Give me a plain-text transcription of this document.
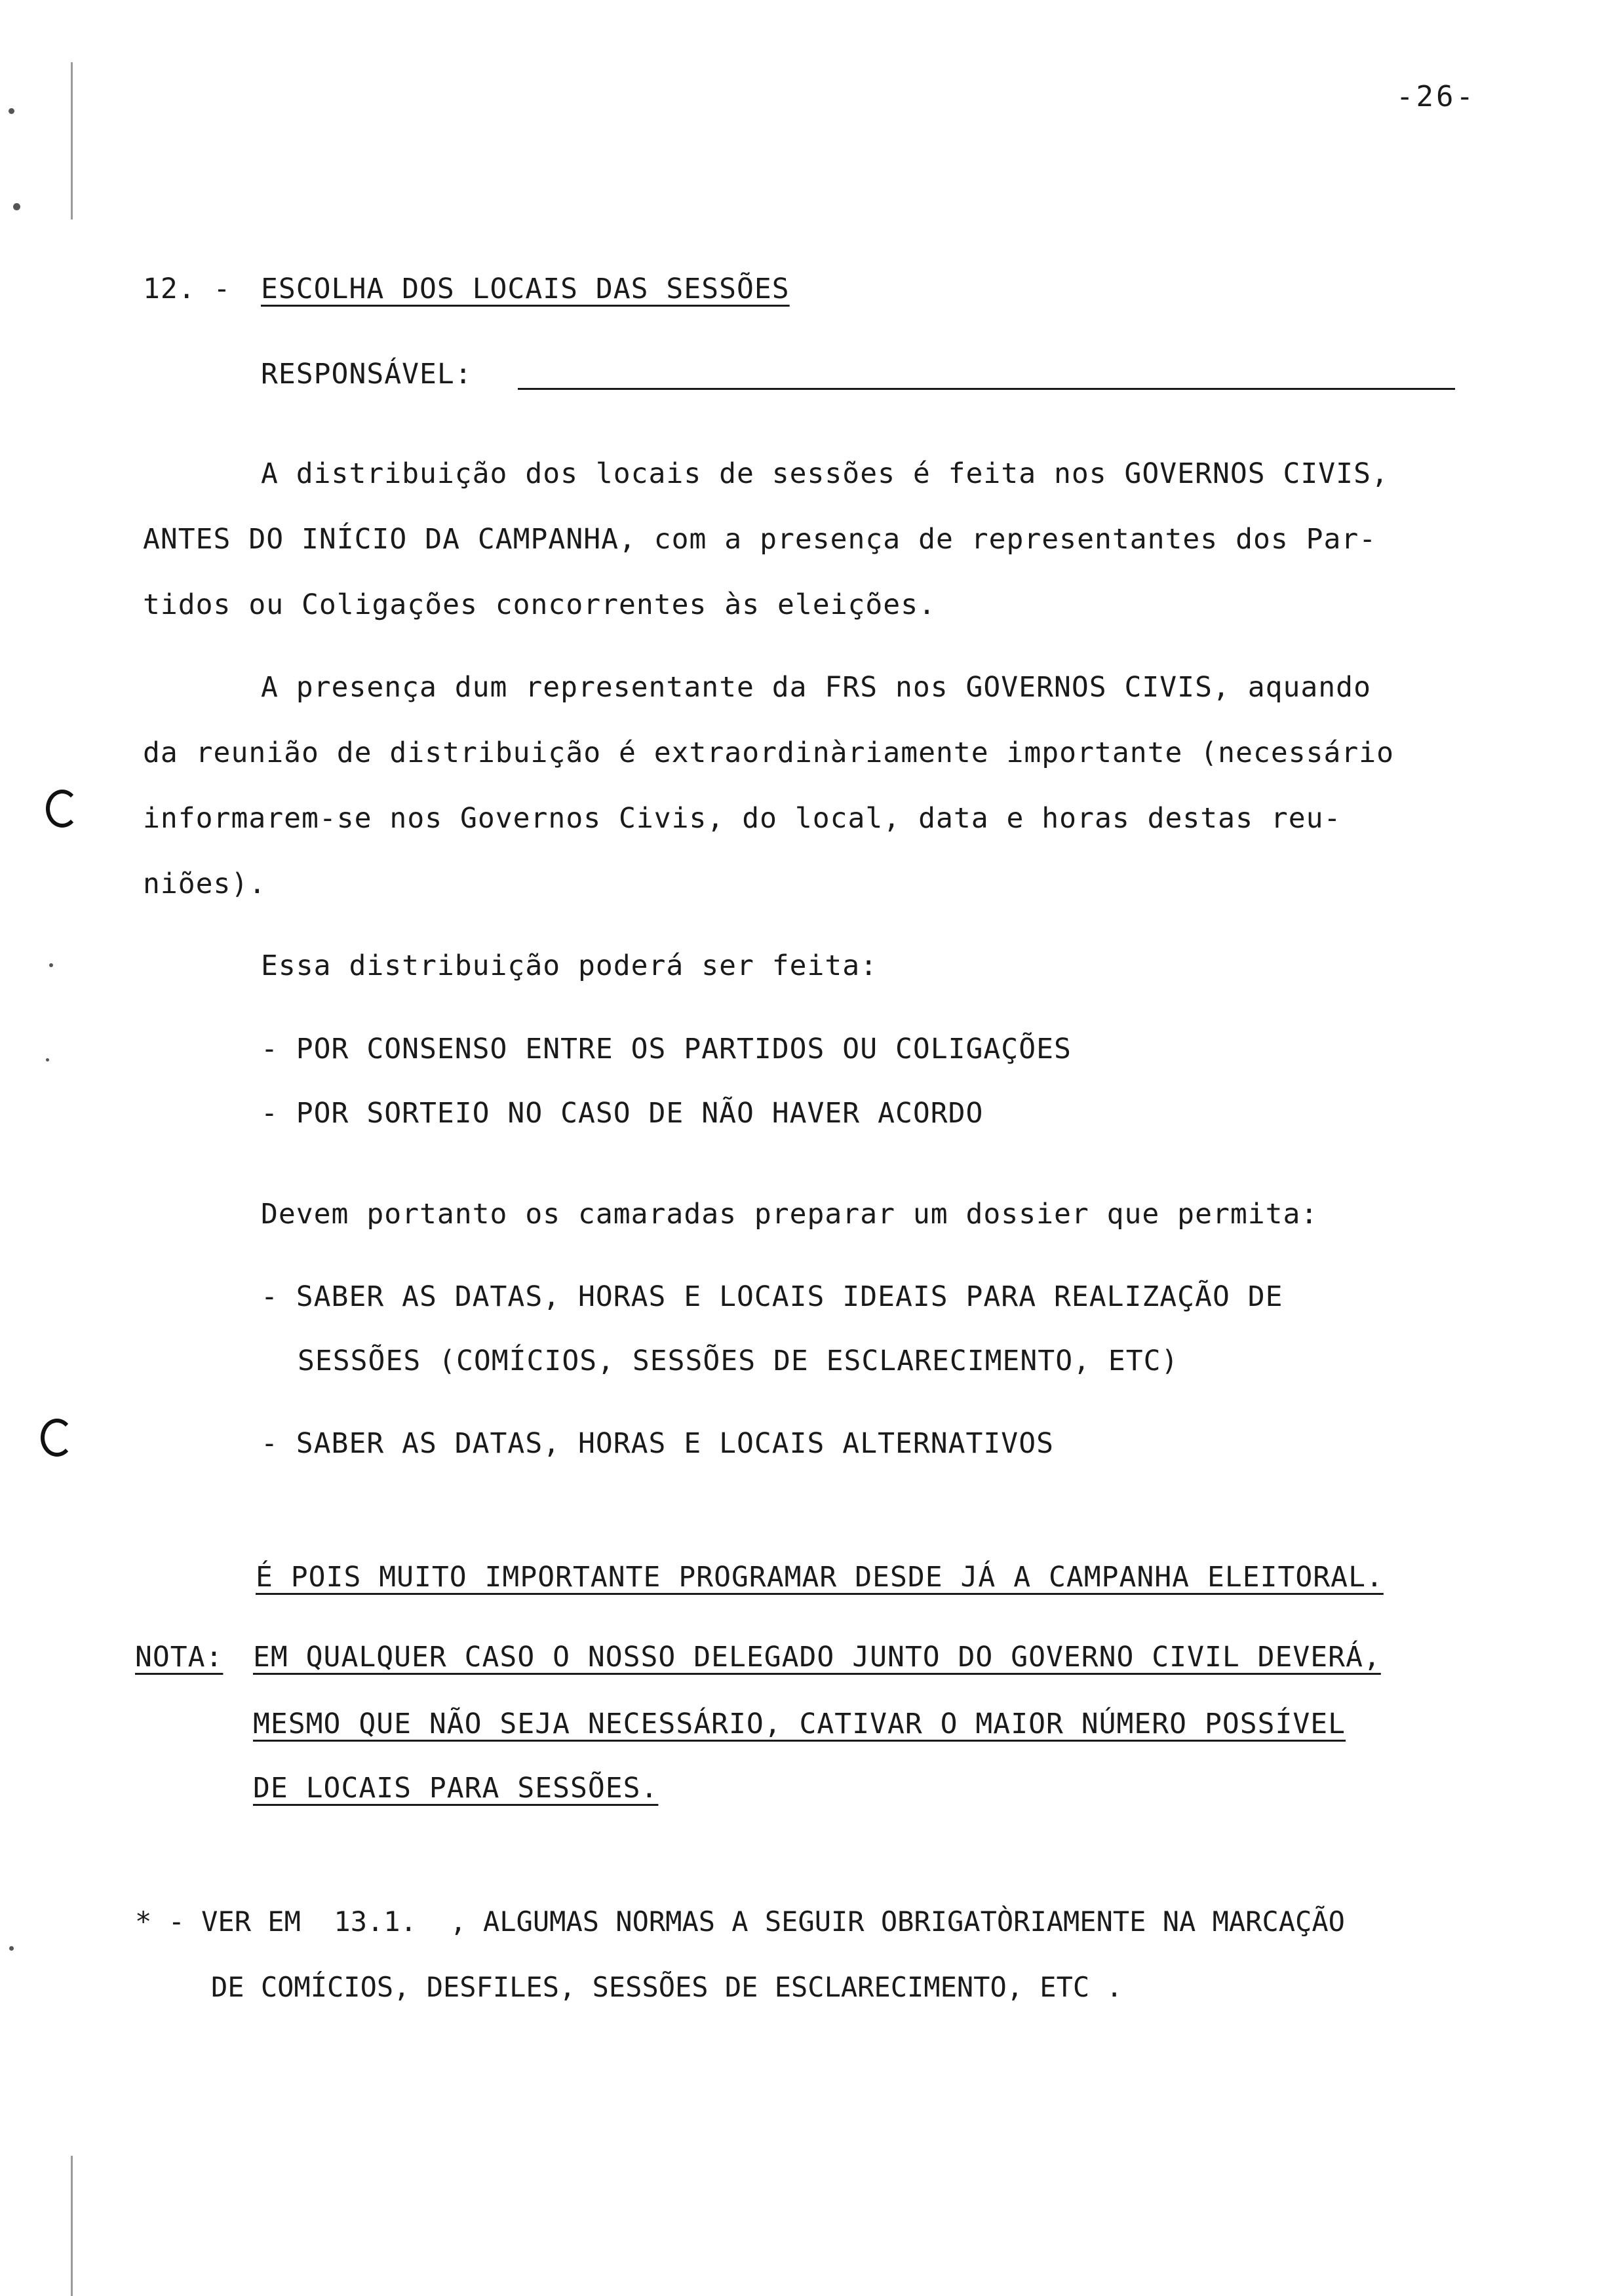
-26-
12. - ESCOLHA DOS LOCAIS DAS SESSÕES
RESPONSÁVEL:
A distribuição dos locais de sessões é feita nos GOVERNOS CIVIS,
ANTES DO INÍCIO DA CAMPANHA, com a presença de representantes dos Par-
tidos ou Coligações concorrentes às eleições.
A presença dum representante da FRS nos GOVERNOS CIVIS, aquando
da reunião de distribuição é extraordinàriamente importante (necessário
informarem-se nos Governos Civis, do local, data e horas destas reu-
niões).
Essa distribuição poderá ser feita:
- POR CONSENSO ENTRE OS PARTIDOS OU COLIGAÇÕES
- POR SORTEIO NO CASO DE NÃO HAVER ACORDO
Devem portanto os camaradas preparar um dossier que permita:
- SABER AS DATAS, HORAS E LOCAIS IDEAIS PARA REALIZAÇÃO DE
SESSÕES (COMÍCIOS, SESSÕES DE ESCLARECIMENTO, ETC)
- SABER AS DATAS, HORAS E LOCAIS ALTERNATIVOS
É POIS MUITO IMPORTANTE PROGRAMAR DESDE JÁ A CAMPANHA ELEITORAL.
NOTA: EM QUALQUER CASO O NOSSO DELEGADO JUNTO DO GOVERNO CIVIL DEVERÁ,
MESMO QUE NÃO SEJA NECESSÁRIO, CATIVAR O MAIOR NÚMERO POSSÍVEL
DE LOCAIS PARA SESSÕES.
* - VER EM  13.1.  , ALGUMAS NORMAS A SEGUIR OBRIGATÒRIAMENTE NA MARCAÇÃO
DE COMÍCIOS, DESFILES, SESSÕES DE ESCLARECIMENTO, ETC .
